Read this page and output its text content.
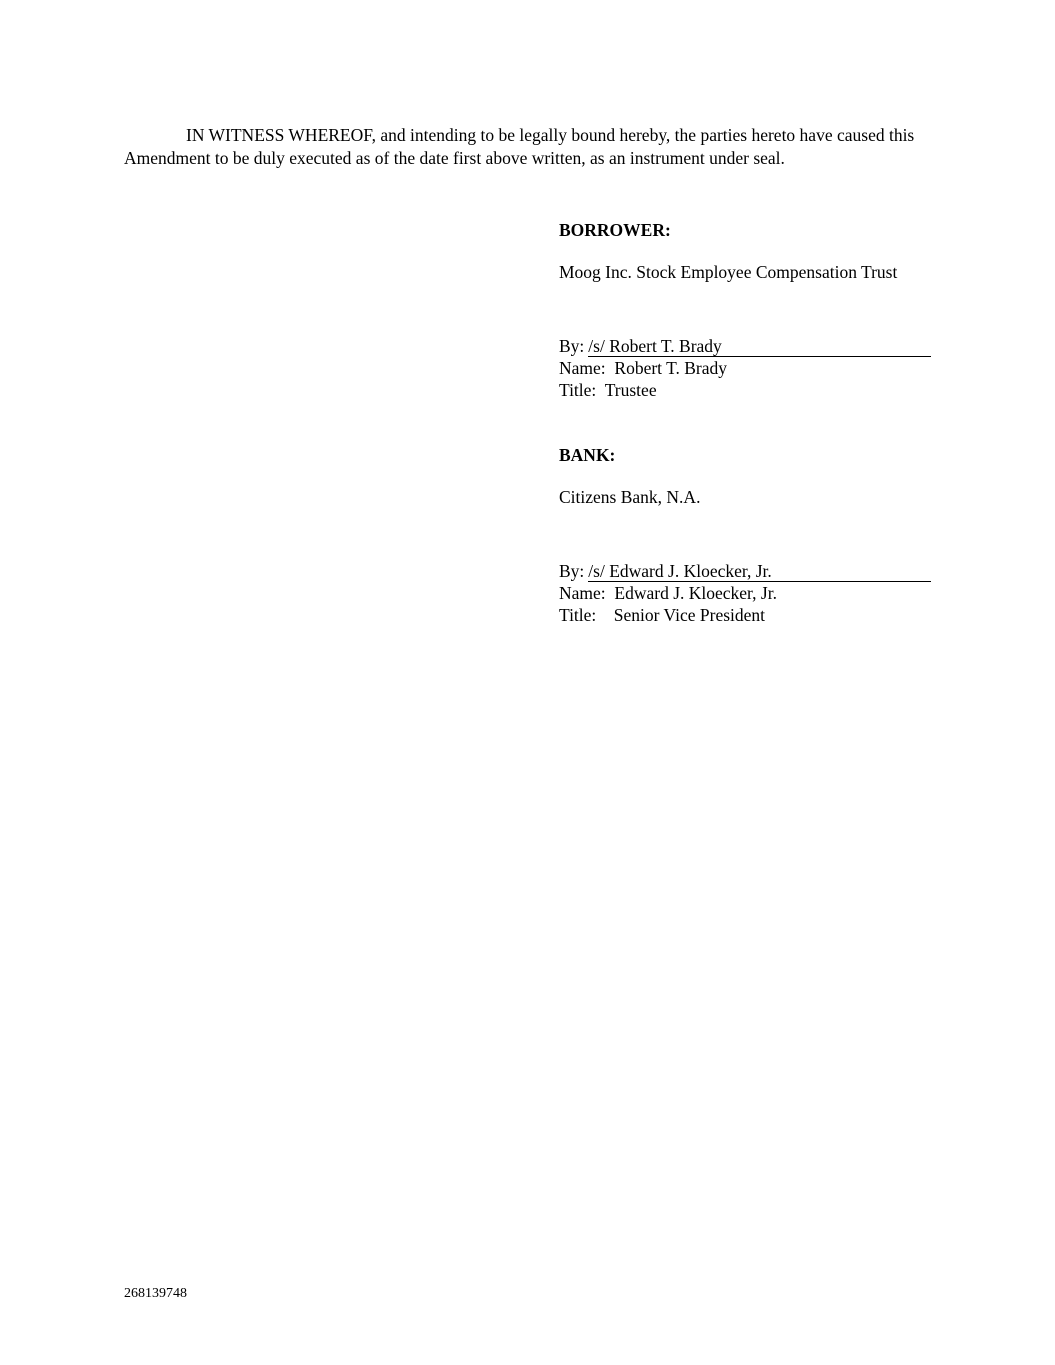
IN WITNESS WHEREOF, and intending to be legally bound hereby, the parties hereto have caused this Amendment to be duly executed as of the date first above written, as an instrument under seal.

BORROWER:

Moog Inc. Stock Employee Compensation Trust

By: /s/ Robert T. Brady

Name:  Robert T. Brady

Title:  Trustee

BANK:

Citizens Bank, N.A.

By: /s/ Edward J. Kloecker, Jr.

Name:  Edward J. Kloecker, Jr.

Title:    Senior Vice President

268139748
